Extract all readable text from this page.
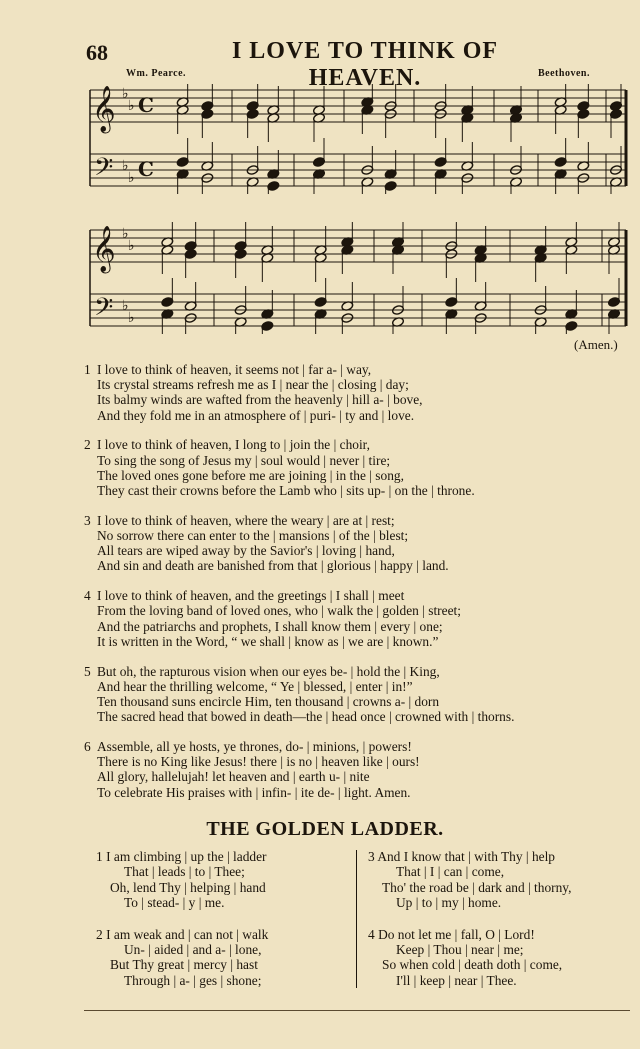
68	I LOVE TO THINK OF HEAVEN.
Wm. Pearce.	Beethoven.
𝄞
𝄢
♭
♭
♭
♭
C
C
𝄞
𝄢
♭
♭
♭
♭
(Amen.)
1 I love to think of heaven, it seems not | far a- | way,
Its crystal streams refresh me as I | near the | closing | day;
Its balmy winds are wafted from the heavenly | hill a- | bove,
And they fold me in an atmosphere of | puri- | ty and | love.
2 I love to think of heaven, I long to | join the | choir,
To sing the song of Jesus my | soul would | never | tire;
The loved ones gone before me are joining | in the | song,
They cast their crowns before the Lamb who | sits up- | on the | throne.
3 I love to think of heaven, where the weary | are at | rest;
No sorrow there can enter to the | mansions | of the | blest;
All tears are wiped away by the Savior's | loving | hand,
And sin and death are banished from that | glorious | happy | land.
4 I love to think of heaven, and the greetings | I shall | meet
From the loving band of loved ones, who | walk the | golden | street;
And the patriarchs and prophets, I shall know them | every | one;
It is written in the Word, “ we shall | know as | we are | known.”
5 But oh, the rapturous vision when our eyes be- | hold the | King,
And hear the thrilling welcome, “ Ye | blessed, | enter | in!”
Ten thousand suns encircle Him, ten thousand | crowns a- | dorn
The sacred head that bowed in death—the | head once | crowned with | thorns.
6 Assemble, all ye hosts, ye thrones, do- | minions, | powers!
There is no King like Jesus! there | is no | heaven like | ours!
All glory, hallelujah! let heaven and | earth u- | nite
To celebrate His praises with | infin- | ite de- | light. Amen.
THE GOLDEN LADDER.
1 I am climbing | up the | ladder
That | leads | to | Thee;
Oh, lend Thy | helping | hand
To | stead- | y | me.
2 I am weak and | can not | walk
Un- | aided | and a- | lone,
But Thy great | mercy | hast
Through | a- | ges | shone;
3 And I know that | with Thy | help
That | I | can | come,
Tho' the road be | dark and | thorny,
Up | to | my | home.
4 Do not let me | fall, O | Lord!
Keep | Thou | near | me;
So when cold | death doth | come,
I'll | keep | near | Thee.
